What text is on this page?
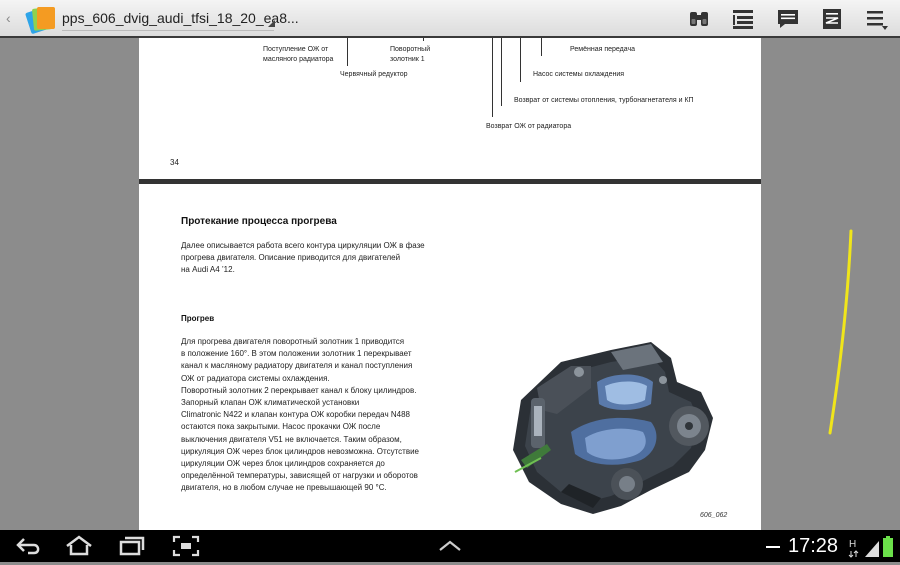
‹	pps_606_dvig_audi_tfsi_18_20_ea8...
Поступление ОЖ от
масляного радиатора
Поворотный
золотник 1
Червячный редуктор
Ремённая передача
Насос системы охлаждения
Возврат от системы отопления, турбонагнетателя и КП
Возврат ОЖ от радиатора
34
Протекание процесса прогрева
Далее описывается работа всего контура циркуляции ОЖ в фазе
прогрева двигателя. Описание приводится для двигателей
на Audi A4 ’12.
Прогрев
Для прогрева двигателя поворотный золотник 1 приводится
в положение 160°. В этом положении золотник 1 перекрывает
канал к масляному радиатору двигателя и канал поступления
ОЖ от радиатора системы охлаждения.
Поворотный золотник 2 перекрывает канал к блоку цилиндров.
Запорный клапан ОЖ климатической установки
Climatronic N422 и клапан контура ОЖ коробки передач N488
остаются пока закрытыми. Насос прокачки ОЖ после
выключения двигателя V51 не включается. Таким образом,
циркуляция ОЖ через блок цилиндров невозможна. Отсутствие
циркуляции ОЖ через блок цилиндров сохраняется до
определённой температуры, зависящей от нагрузки и оборотов
двигателя, но в любом случае не превышающей 90 °C.
606_062
17:28 H
